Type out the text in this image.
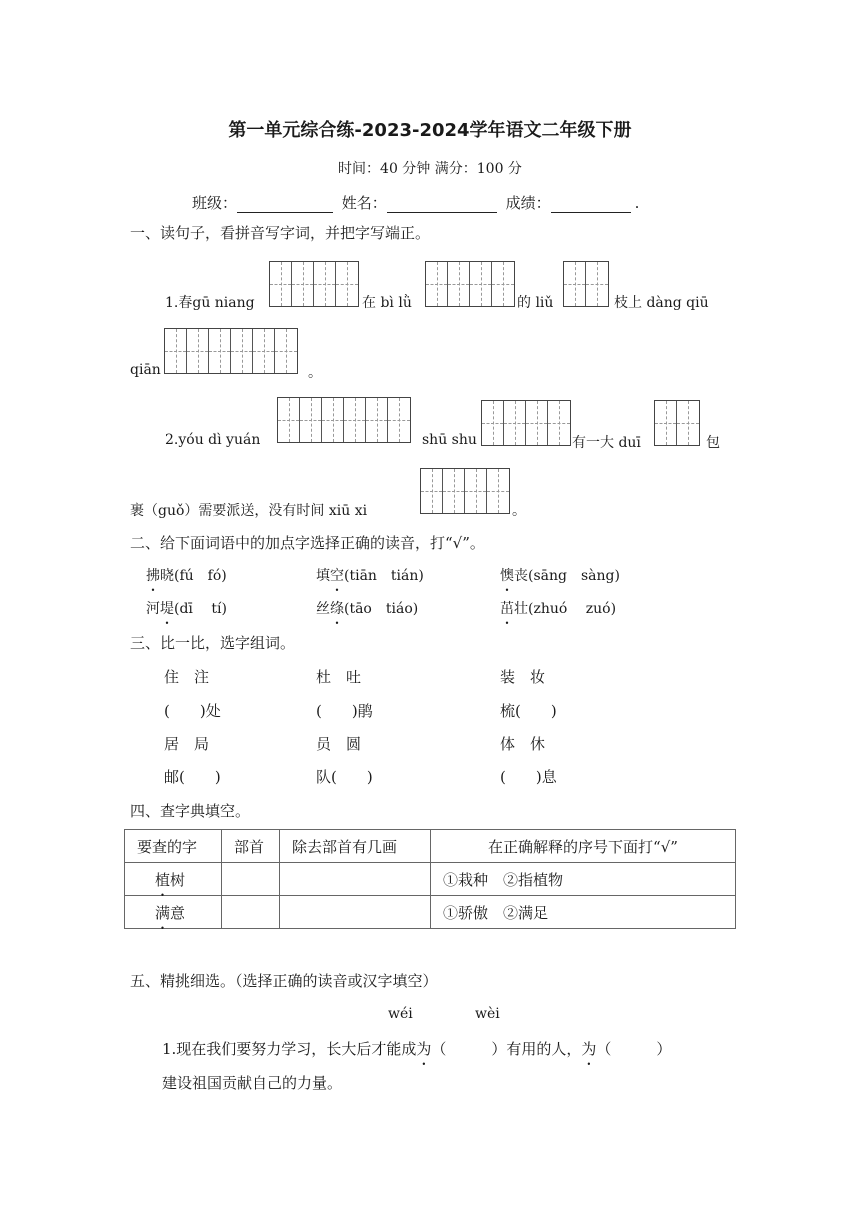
第一单元综合练-2023-2024学年语文二年级下册
时间：40 分钟 满分：100 分
班级：	姓名：	成绩：	.
一、读句子，看拼音写字词，并把字写端正。
1.春gū niang	在 bì lǜ	的 liǔ	枝上 dàng qiū
qiān	。
2.yóu dì yuán	shū shu	有一大 duī	包
裹（guǒ）需要派送，没有时间 xiū xi	。
二、给下面词语中的加点字选择正确的读音，打“√”。
拂晓(fú　fó)	填空(tiān　tián)	懊丧(sāng　sàng)
河堤(dī　 tí)	丝绦(tāo　tiáo)	茁壮(zhuó　 zuó)
三、比一比，选字组词。
住　注	杜　吐	装　妆
(　　)处	(　　)鹃	梳(　　)
居　局	员　圆	体　休
邮(　　)	队(　　)	(　　)息
四、查字典填空。
要查的字	部首	除去部首有几画	在正确解释的序号下面打“√”
植树			①栽种　②指植物
满意			①骄傲　②满足
五、精挑细选。（选择正确的读音或汉字填空）
wéi	wèi
1.现在我们要努力学习，长大后才能成为（　　　）有用的人，为（　　　）
建设祖国贡献自己的力量。
